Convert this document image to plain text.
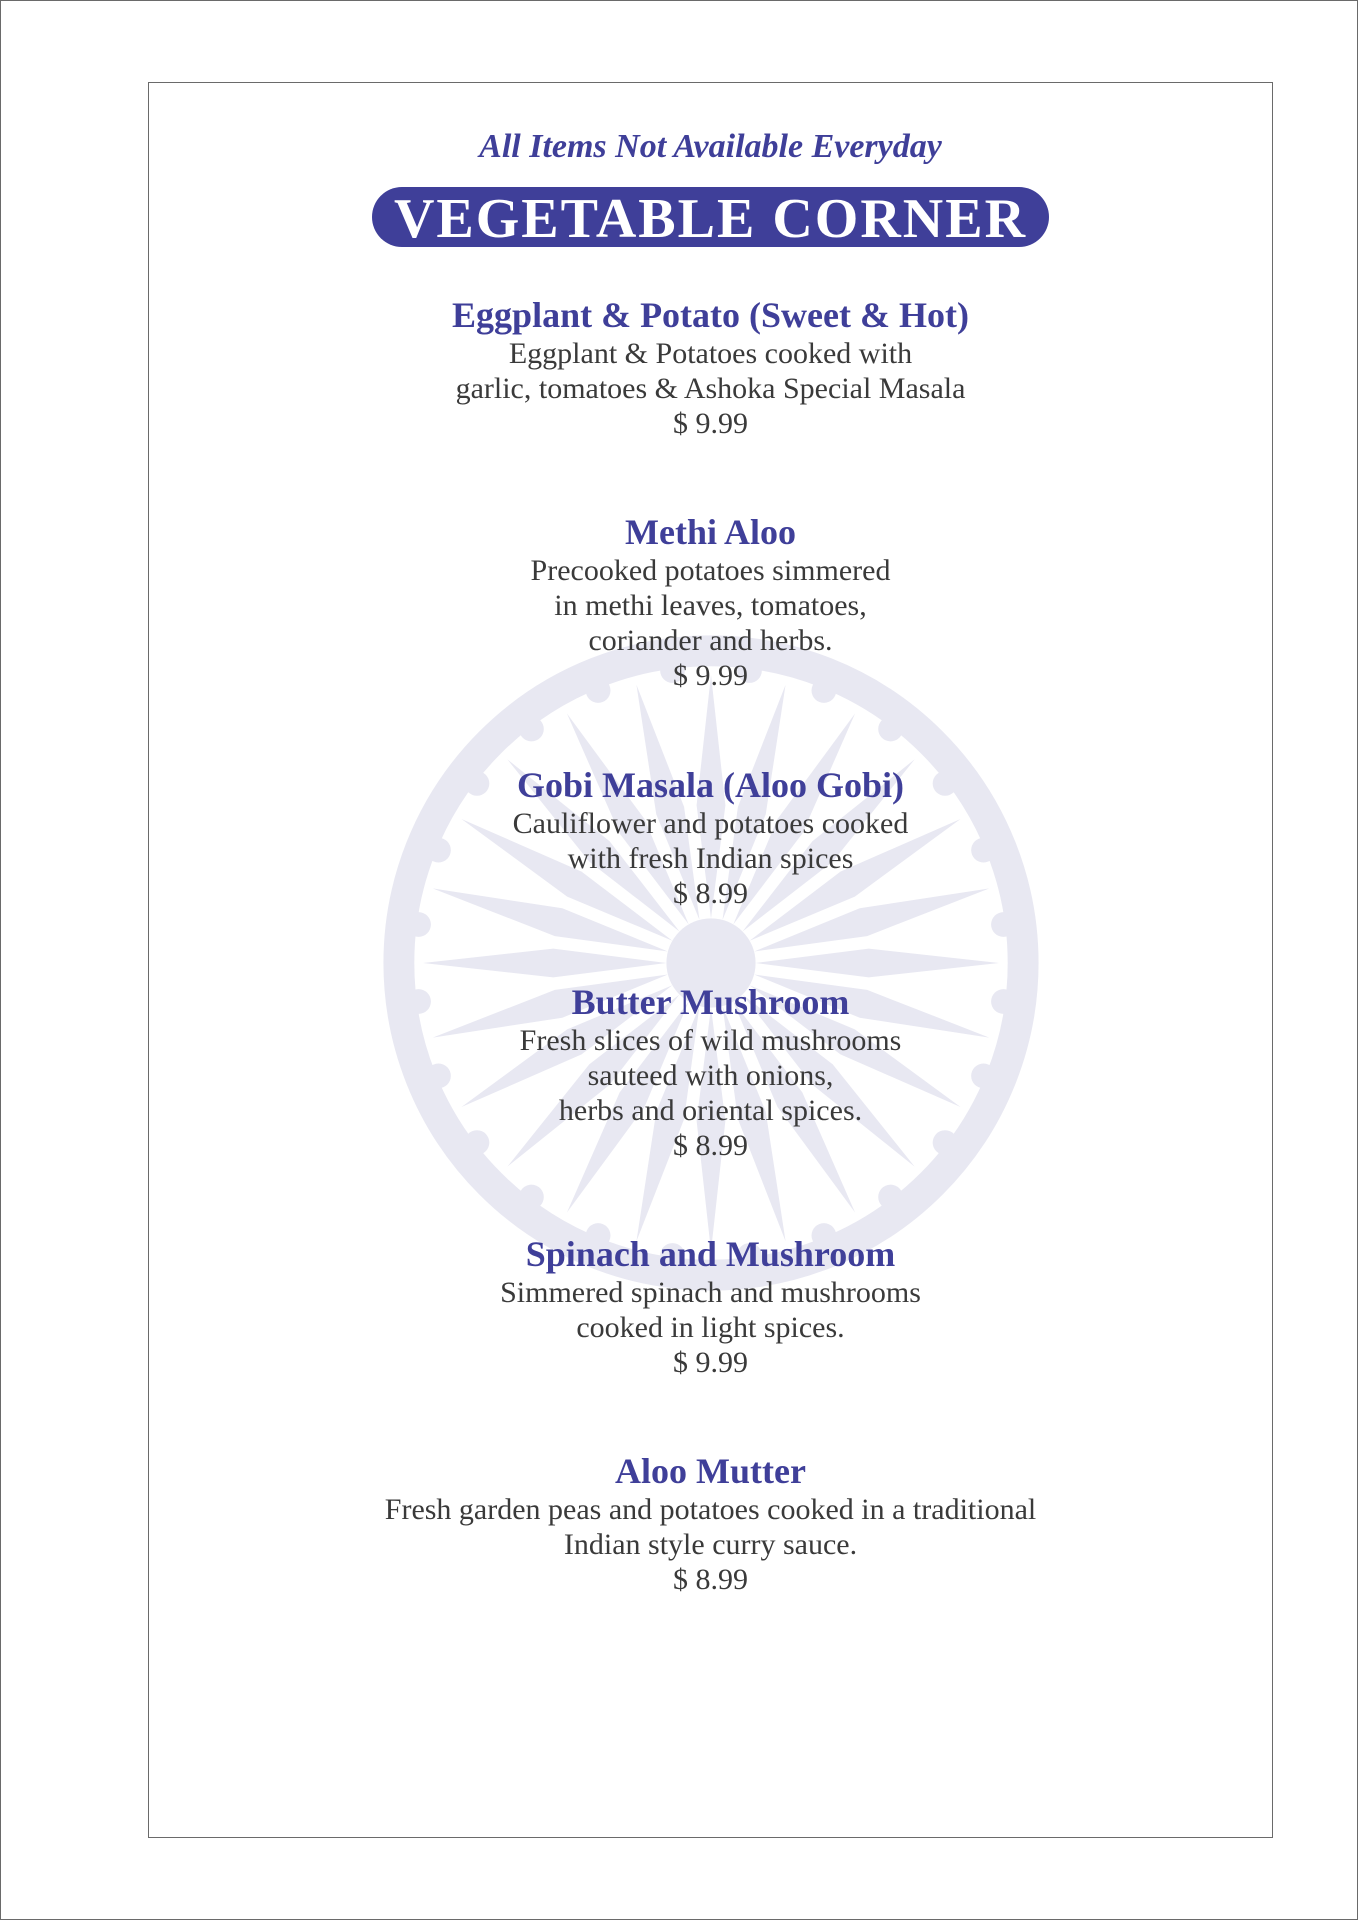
All Items Not Available Everyday

VEGETABLE CORNER
Eggplant & Potato (Sweet & Hot)
Eggplant & Potatoes cooked with
garlic, tomatoes & Ashoka Special Masala
$ 9.99
Methi Aloo
Precooked potatoes simmered
in methi leaves, tomatoes,
coriander and herbs.
$ 9.99
Gobi Masala (Aloo Gobi)
Cauliflower and potatoes cooked
with fresh Indian spices
$ 8.99
Butter Mushroom
Fresh slices of wild mushrooms
sauteed with onions,
herbs and oriental spices.
$ 8.99
Spinach and Mushroom
Simmered spinach and mushrooms
cooked in light spices.
$ 9.99
Aloo Mutter
Fresh garden peas and potatoes cooked in a traditional
Indian style curry sauce.
$ 8.99
